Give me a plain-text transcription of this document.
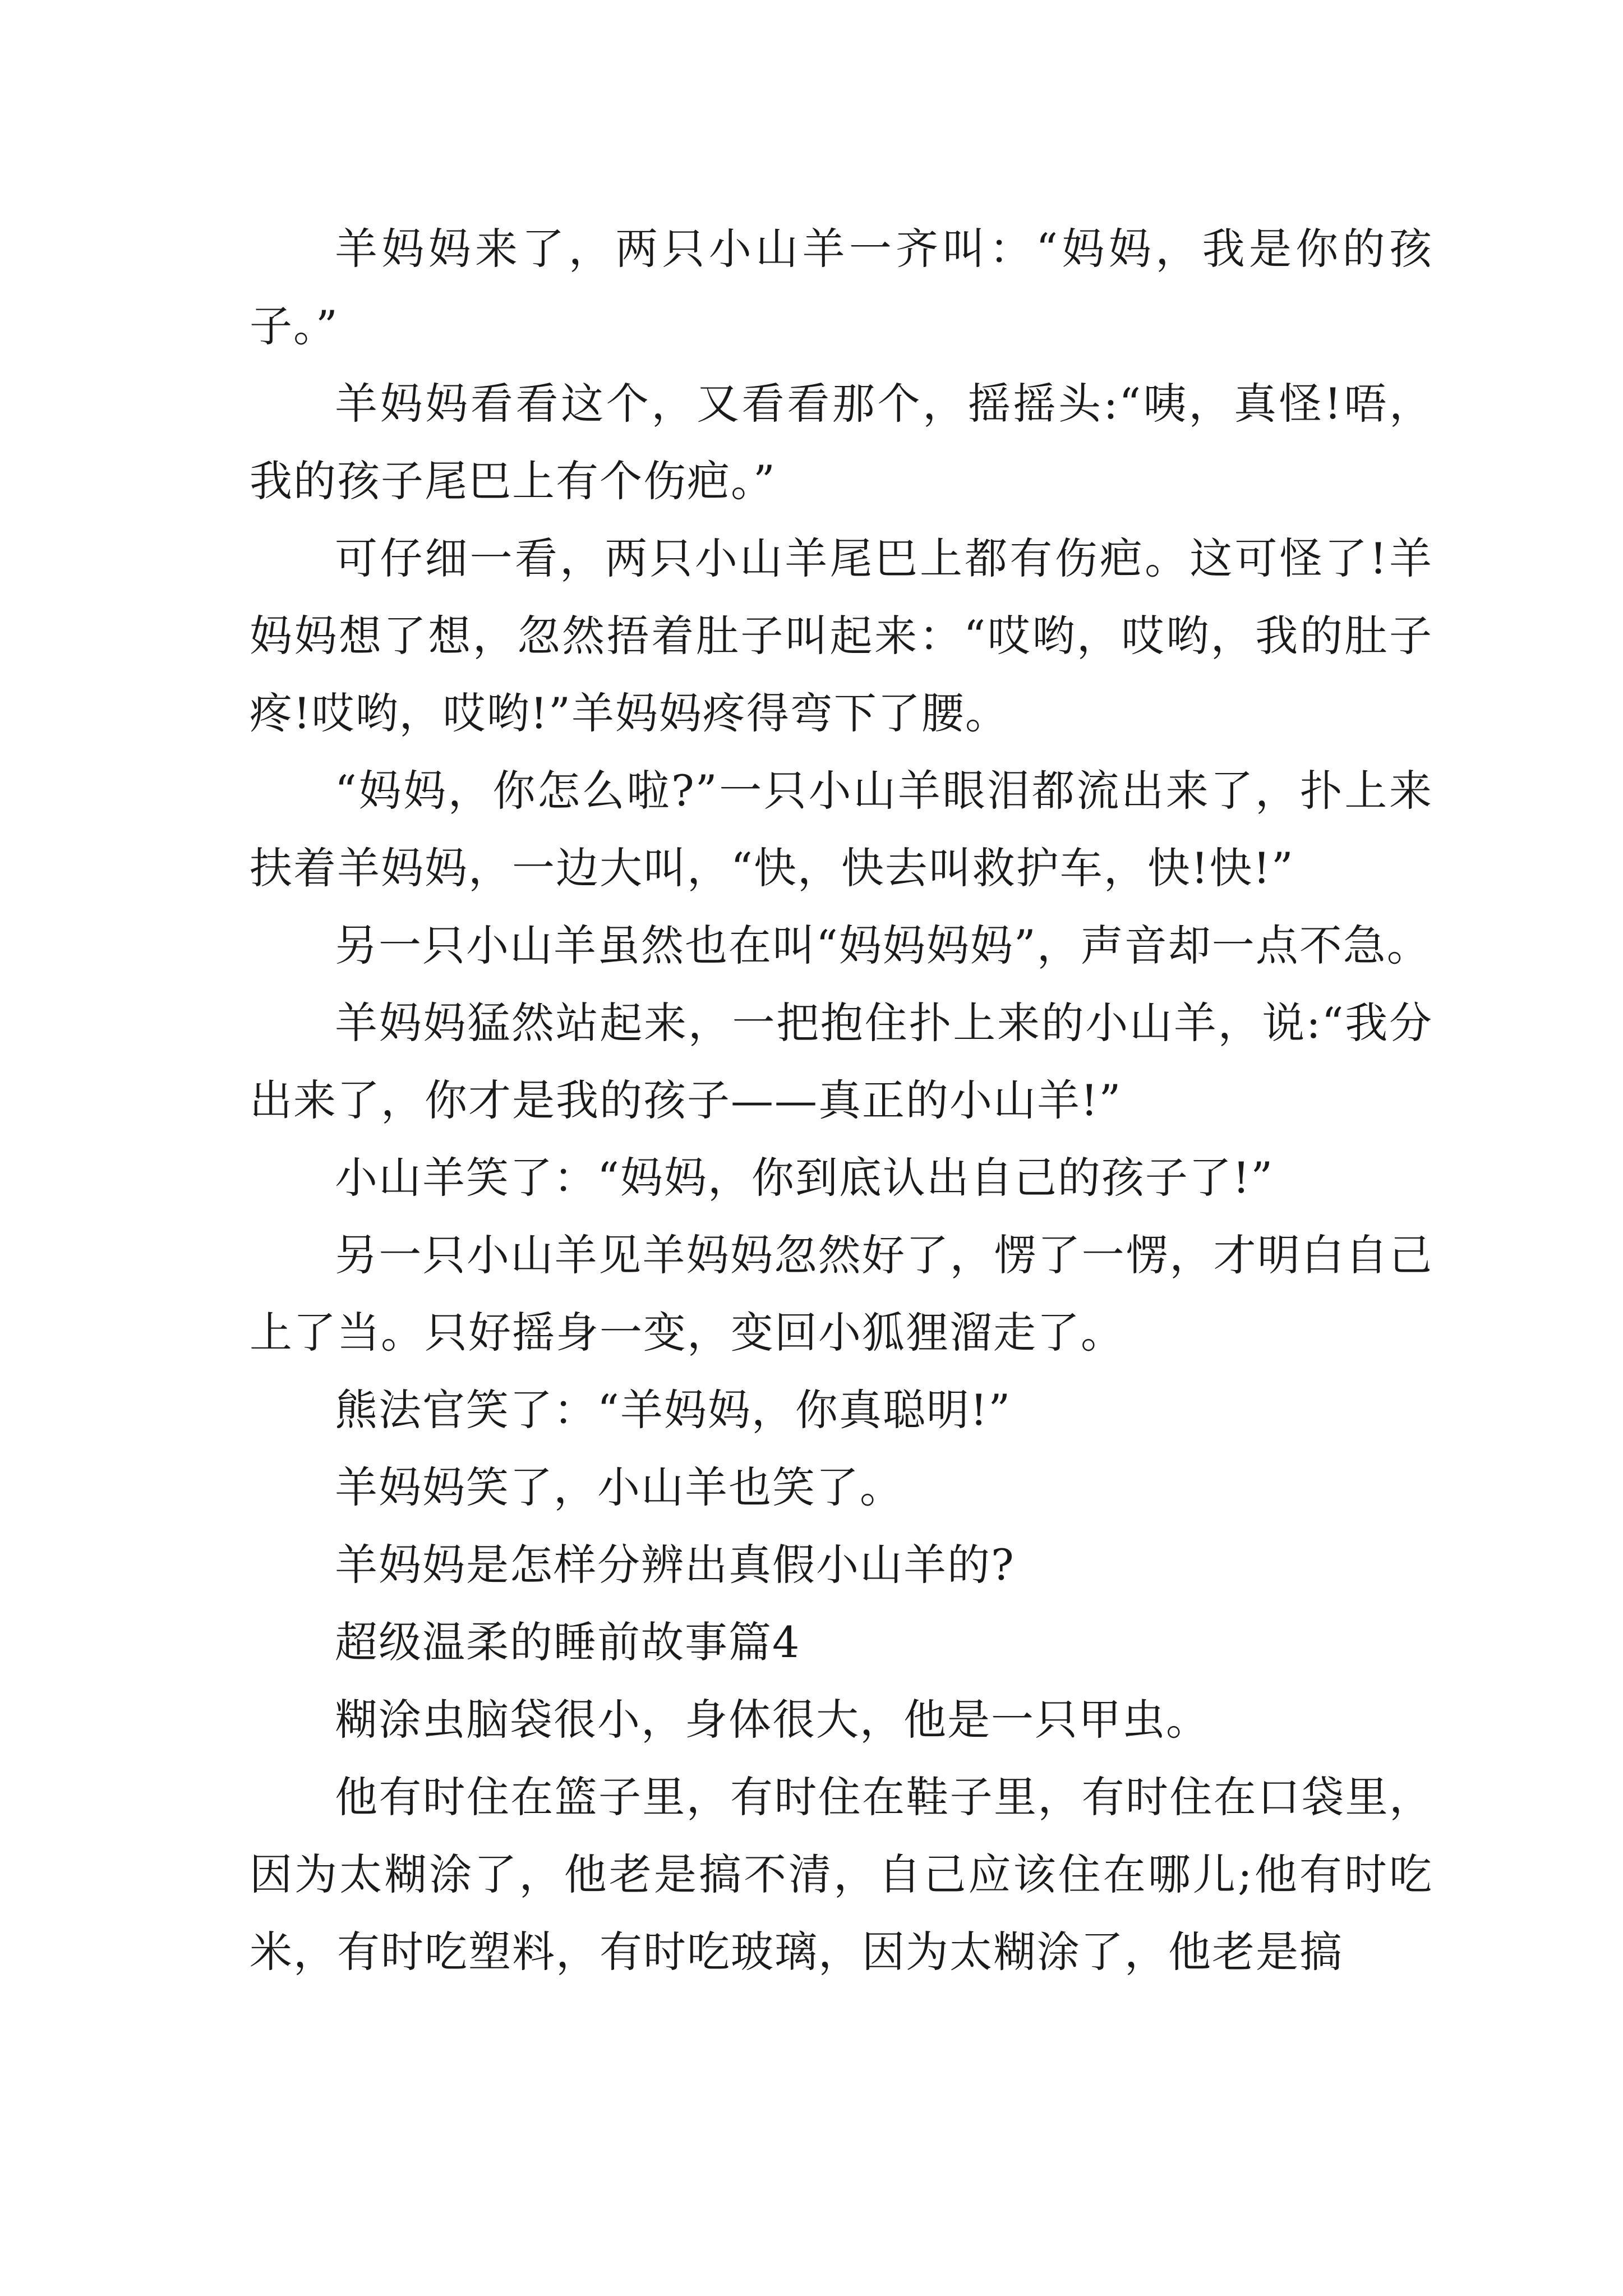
羊妈妈来了，两只小山羊一齐叫：“妈妈，我是你的孩子。”

羊妈妈看看这个，又看看那个，摇摇头:“咦，真怪!唔，我的孩子尾巴上有个伤疤。”

可仔细一看，两只小山羊尾巴上都有伤疤。这可怪了!羊妈妈想了想，忽然捂着肚子叫起来：“哎哟，哎哟，我的肚子疼!哎哟，哎哟!”羊妈妈疼得弯下了腰。

“妈妈，你怎么啦?”一只小山羊眼泪都流出来了，扑上来扶着羊妈妈，一边大叫，“快，快去叫救护车，快!快!”

另一只小山羊虽然也在叫“妈妈妈妈”，声音却一点不急。

羊妈妈猛然站起来，一把抱住扑上来的小山羊，说:“我分出来了，你才是我的孩子——真正的小山羊!”

小山羊笑了：“妈妈，你到底认出自己的孩子了!”

另一只小山羊见羊妈妈忽然好了，愣了一愣，才明白自己上了当。只好摇身一变，变回小狐狸溜走了。

熊法官笑了：“羊妈妈，你真聪明!”

羊妈妈笑了，小山羊也笑了。

羊妈妈是怎样分辨出真假小山羊的?

超级温柔的睡前故事篇4

糊涂虫脑袋很小，身体很大，他是一只甲虫。

他有时住在篮子里，有时住在鞋子里，有时住在口袋里，因为太糊涂了，他老是搞不清，自己应该住在哪儿;他有时吃米，有时吃塑料，有时吃玻璃，因为太糊涂了，他老是搞
